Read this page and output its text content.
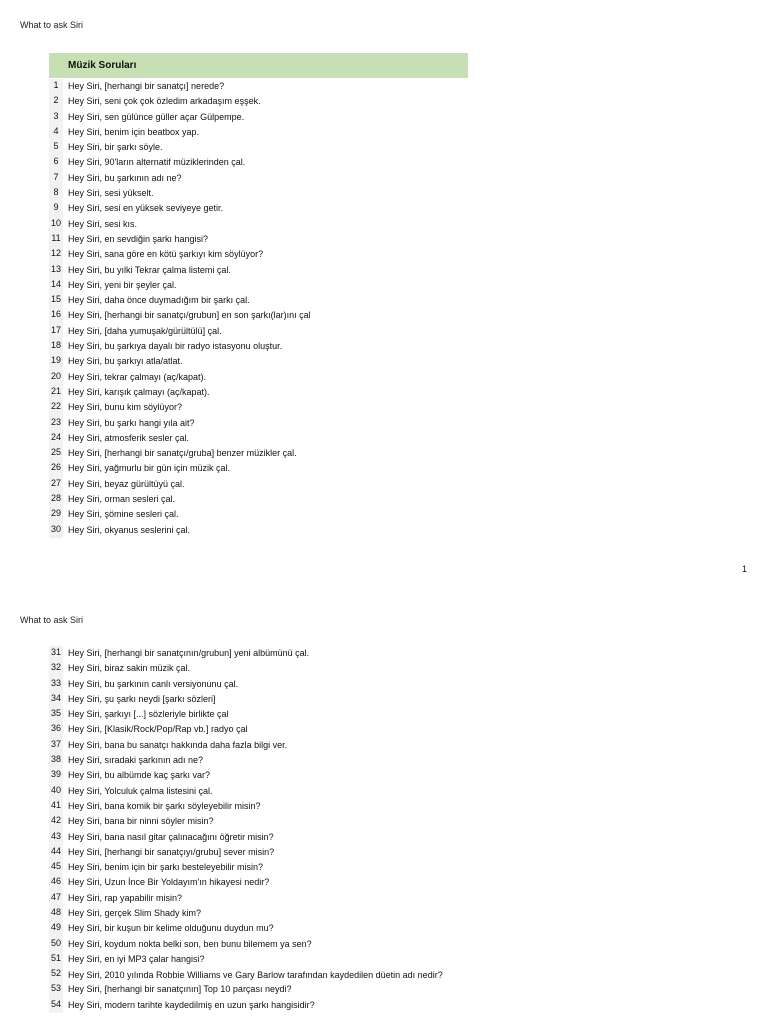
What to ask Siri
Müzik Soruları
1	Hey Siri, [herhangi bir sanatçı] nerede?
2	Hey Siri, seni çok çok özledim arkadaşım eşşek.
3	Hey Siri, sen gülünce güller açar Gülpempe.
4	Hey Siri, benim için beatbox yap.
5	Hey Siri, bir şarkı söyle.
6	Hey Siri, 90'ların alternatif müziklerinden çal.
7	Hey Siri, bu şarkının adı ne?
8	Hey Siri, sesi yükselt.
9	Hey Siri, sesi en yüksek seviyeye getir.
10 Hey Siri, sesi kıs.
11 Hey Siri, en sevdiğin şarkı hangisi?
12 Hey Siri, sana göre en kötü şarkıyı kim söylüyor?
13 Hey Siri, bu yılki Tekrar çalma listemi çal.
14 Hey Siri, yeni bir şeyler çal.
15 Hey Siri, daha önce duymadığım bir şarkı çal.
16 Hey Siri, [herhangi bir sanatçı/grubun] en son şarkı(lar)ını çal
17 Hey Siri, [daha yumuşak/gürültülü] çal.
18 Hey Siri, bu şarkıya dayalı bir radyo istasyonu oluştur.
19 Hey Siri, bu şarkıyı atla/atlat.
20 Hey Siri, tekrar çalmayı (aç/kapat).
21 Hey Siri, karışık çalmayı (aç/kapat).
22 Hey Siri, bunu kim söylüyor?
23 Hey Siri, bu şarkı hangi yıla ait?
24 Hey Siri, atmosferik sesler çal.
25 Hey Siri, [herhangi bir sanatçı/gruba] benzer müzikler çal.
26 Hey Siri, yağmurlu bir gün için müzik çal.
27 Hey Siri, beyaz gürültüyü çal.
28 Hey Siri, orman sesleri çal.
29 Hey Siri, şömine sesleri çal.
30 Hey Siri, okyanus seslerini çal.
1
What to ask Siri
31 Hey Siri, [herhangi bir sanatçının/grubun] yeni albümünü çal.
32 Hey Siri, biraz sakin müzik çal.
33 Hey Siri, bu şarkının canlı versiyonunu çal.
34 Hey Siri, şu şarkı neydi [şarkı sözleri]
35 Hey Siri, şarkıyı [...] sözleriyle birlikte çal
36 Hey Siri, [Klasik/Rock/Pop/Rap vb.] radyo çal
37 Hey Siri, bana bu sanatçı hakkında daha fazla bilgi ver.
38 Hey Siri, sıradaki şarkının adı ne?
39 Hey Siri, bu albümde kaç şarkı var?
40 Hey Siri, Yolculuk çalma listesini çal.
41 Hey Siri, bana komik bir şarkı söyleyebilir misin?
42 Hey Siri, bana bir ninni söyler misin?
43 Hey Siri, bana nasıl gitar çalınacağını öğretir misin?
44 Hey Siri, [herhangi bir sanatçıyı/grubu] sever misin?
45 Hey Siri, benim için bir şarkı besteleyebilir misin?
46 Hey Siri, Uzun İnce Bir Yoldayım'ın hikayesi nedir?
47 Hey Siri, rap yapabilir misin?
48 Hey Siri, gerçek Slim Shady kim?
49 Hey Siri, bir kuşun bir kelime olduğunu duydun mu?
50 Hey Siri, koydum nokta belki son, ben bunu bilemem ya sen?
51 Hey Siri, en iyi MP3 çalar hangisi?
52 Hey Siri, 2010 yılında Robbie Williams ve Gary Barlow tarafından kaydedilen düetin adı nedir?
53 Hey Siri, [herhangi bir sanatçının] Top 10 parçası neydi?
54 Hey Siri, modern tarihte kaydedilmiş en uzun şarkı hangisidir?
